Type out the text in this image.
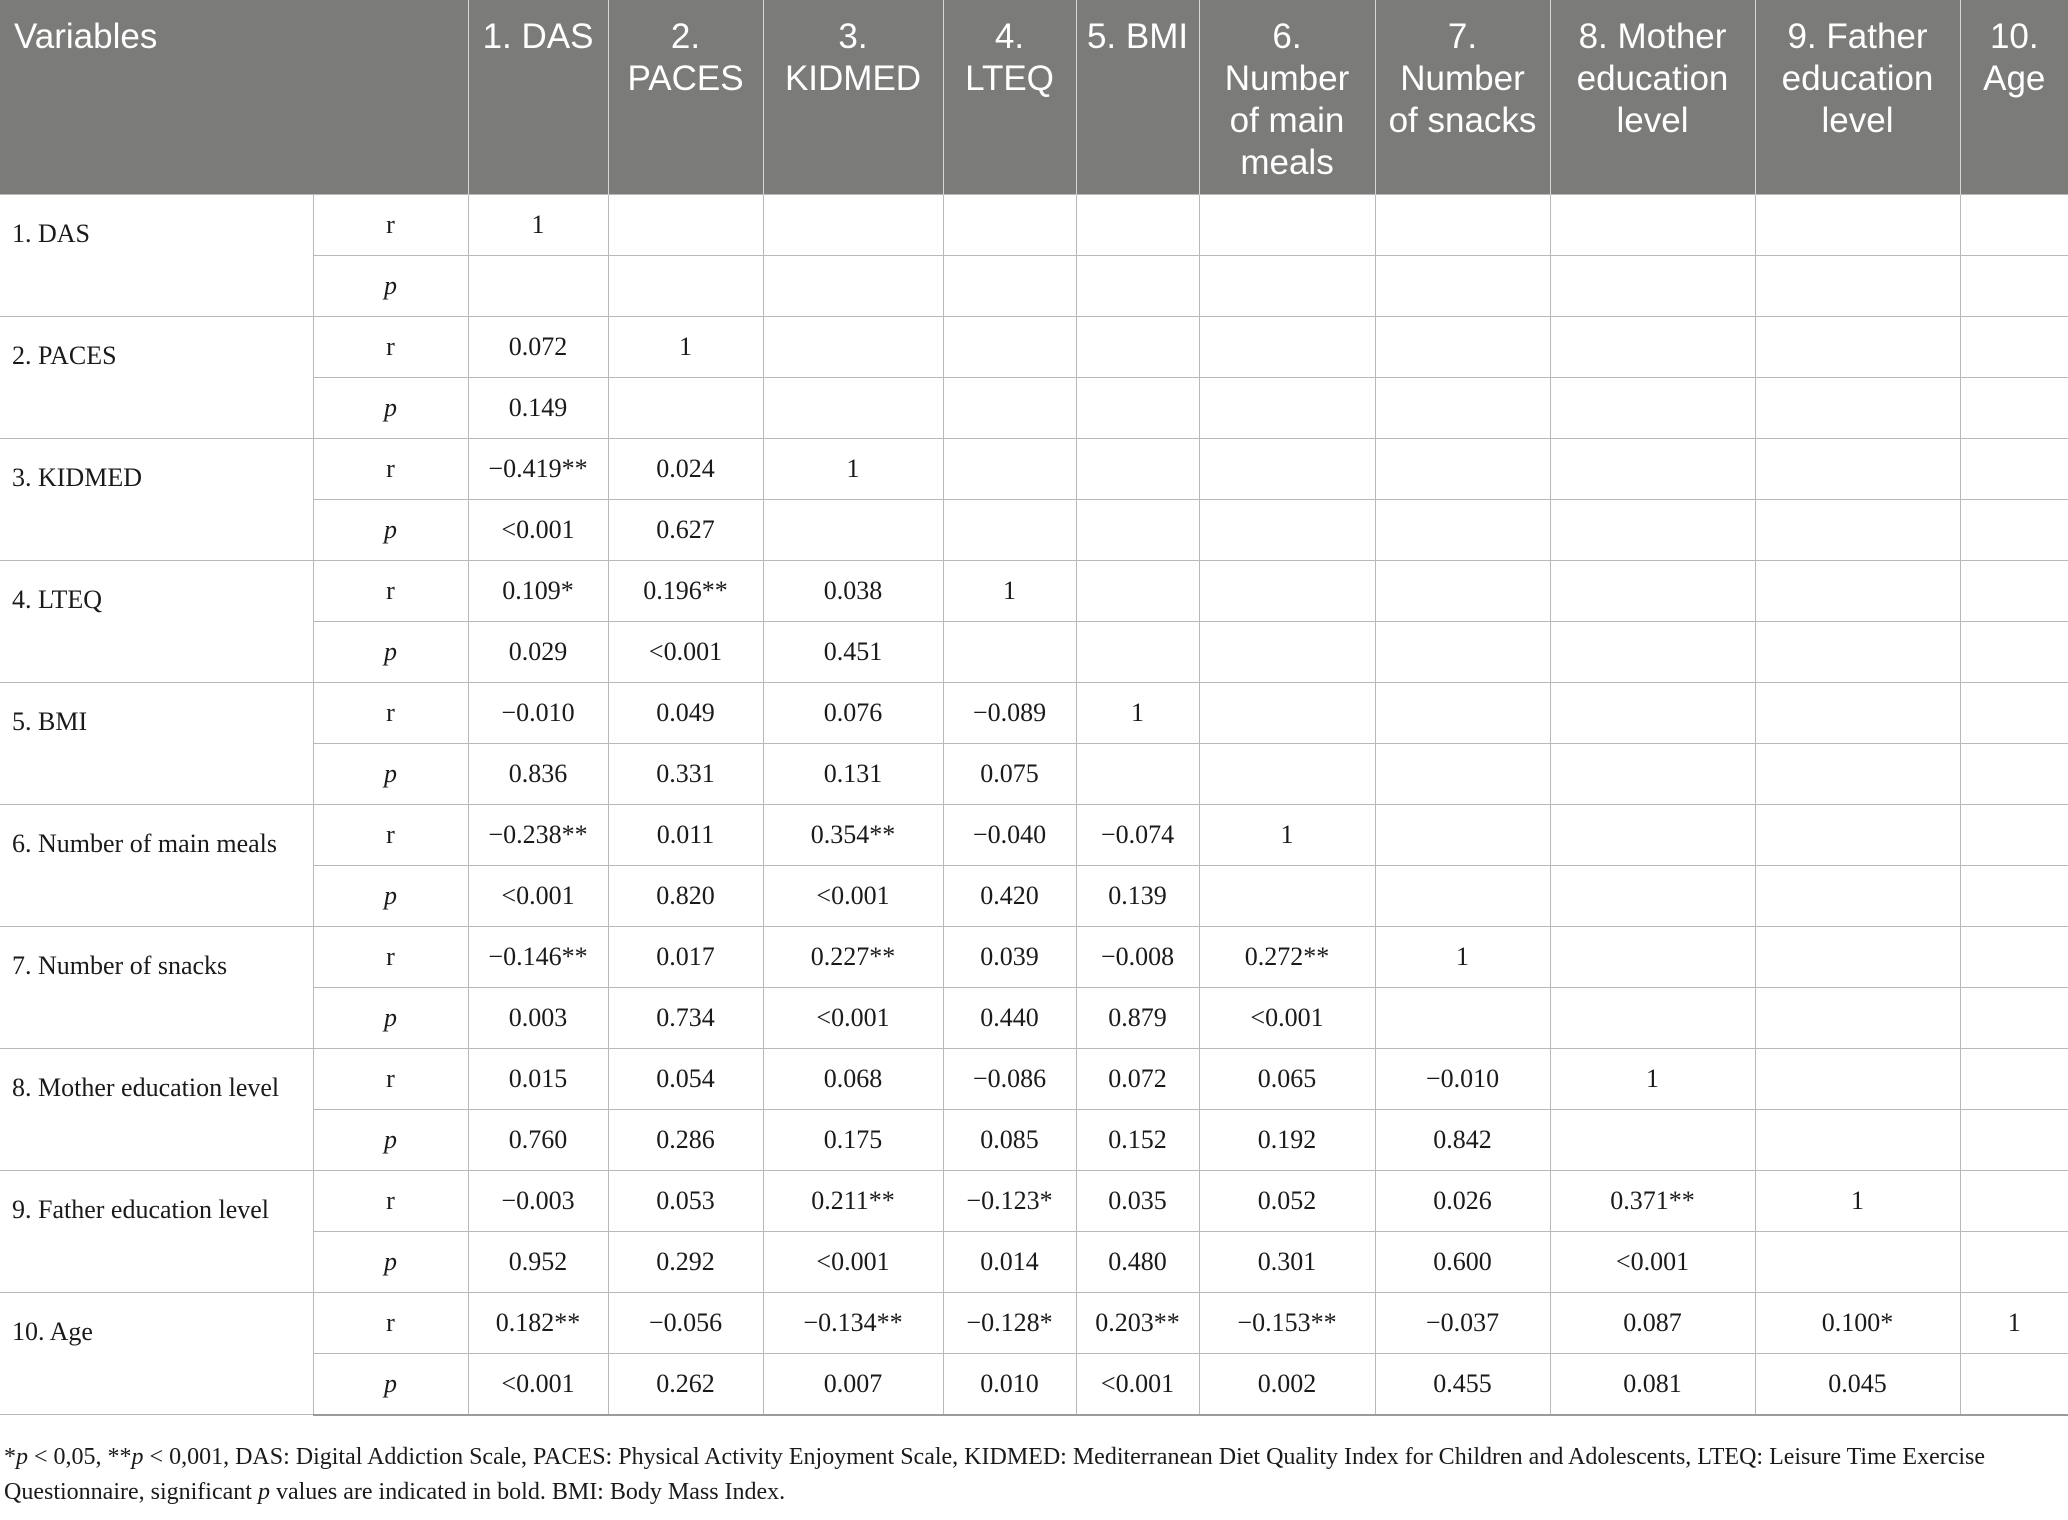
Variables		1. DAS	2. PACES	3. KIDMED	4. LTEQ	5. BMI	6. Number of main meals	7. Number of snacks	8. Mother education level	9. Father education level	10. Age
1. DAS	r	1									
	p										
2. PACES	r	0.072	1								
	p	0.149									
3. KIDMED	r	−0.419**	0.024	1							
	p	<0.001	0.627								
4. LTEQ	r	0.109*	0.196**	0.038	1						
	p	0.029	<0.001	0.451							
5. BMI	r	−0.010	0.049	0.076	−0.089	1					
	p	0.836	0.331	0.131	0.075						
6. Number of main meals	r	−0.238**	0.011	0.354**	−0.040	−0.074	1				
	p	<0.001	0.820	<0.001	0.420	0.139					
7. Number of snacks	r	−0.146**	0.017	0.227**	0.039	−0.008	0.272**	1			
	p	0.003	0.734	<0.001	0.440	0.879	<0.001				
8. Mother education level	r	0.015	0.054	0.068	−0.086	0.072	0.065	−0.010	1		
	p	0.760	0.286	0.175	0.085	0.152	0.192	0.842			
9. Father education level	r	−0.003	0.053	0.211**	−0.123*	0.035	0.052	0.026	0.371**	1	
	p	0.952	0.292	<0.001	0.014	0.480	0.301	0.600	<0.001		
10. Age	r	0.182**	−0.056	−0.134**	−0.128*	0.203**	−0.153**	−0.037	0.087	0.100*	1
	p	<0.001	0.262	0.007	0.010	<0.001	0.002	0.455	0.081	0.045	
*p < 0,05, **p < 0,001, DAS: Digital Addiction Scale, PACES: Physical Activity Enjoyment Scale, KIDMED: Mediterranean Diet Quality Index for Children and Adolescents, LTEQ: Leisure Time Exercise Questionnaire, significant p values are indicated in bold. BMI: Body Mass Index.
